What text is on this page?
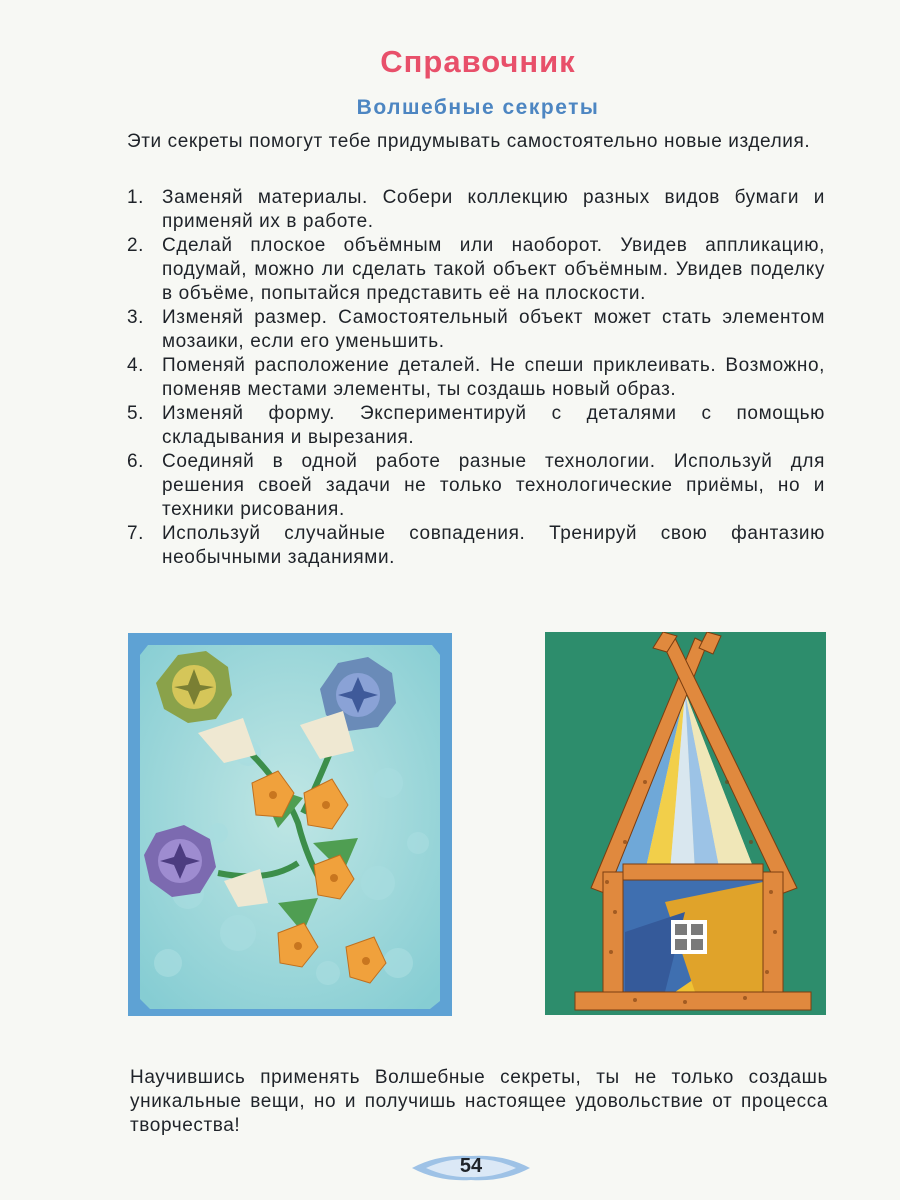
Справочник
Волшебные секреты
Эти секреты помогут тебе придумывать самостоятельно новые изделия.
1. Заменяй материалы. Собери коллекцию разных видов бумаги и применяй их в работе.
2. Сделай плоское объёмным или наоборот. Увидев аппликацию, подумай, можно ли сделать такой объект объёмным. Увидев поделку в объёме, попытайся представить её на плоскости.
3. Изменяй размер. Самостоятельный объект может стать элементом мозаики, если его уменьшить.
4. Поменяй расположение деталей. Не спеши приклеивать. Возможно, поменяв местами элементы, ты создашь новый образ.
5. Изменяй форму. Экспериментируй с деталями с помощью складывания и вырезания.
6. Соединяй в одной работе разные технологии. Используй для решения своей задачи не только технологические приёмы, но и техники рисования.
7. Используй случайные совпадения. Тренируй свою фантазию необычными заданиями.
Научившись применять Волшебные секреты, ты не только создашь уникальные вещи, но и получишь настоящее удовольствие от процесса творчества!
54
